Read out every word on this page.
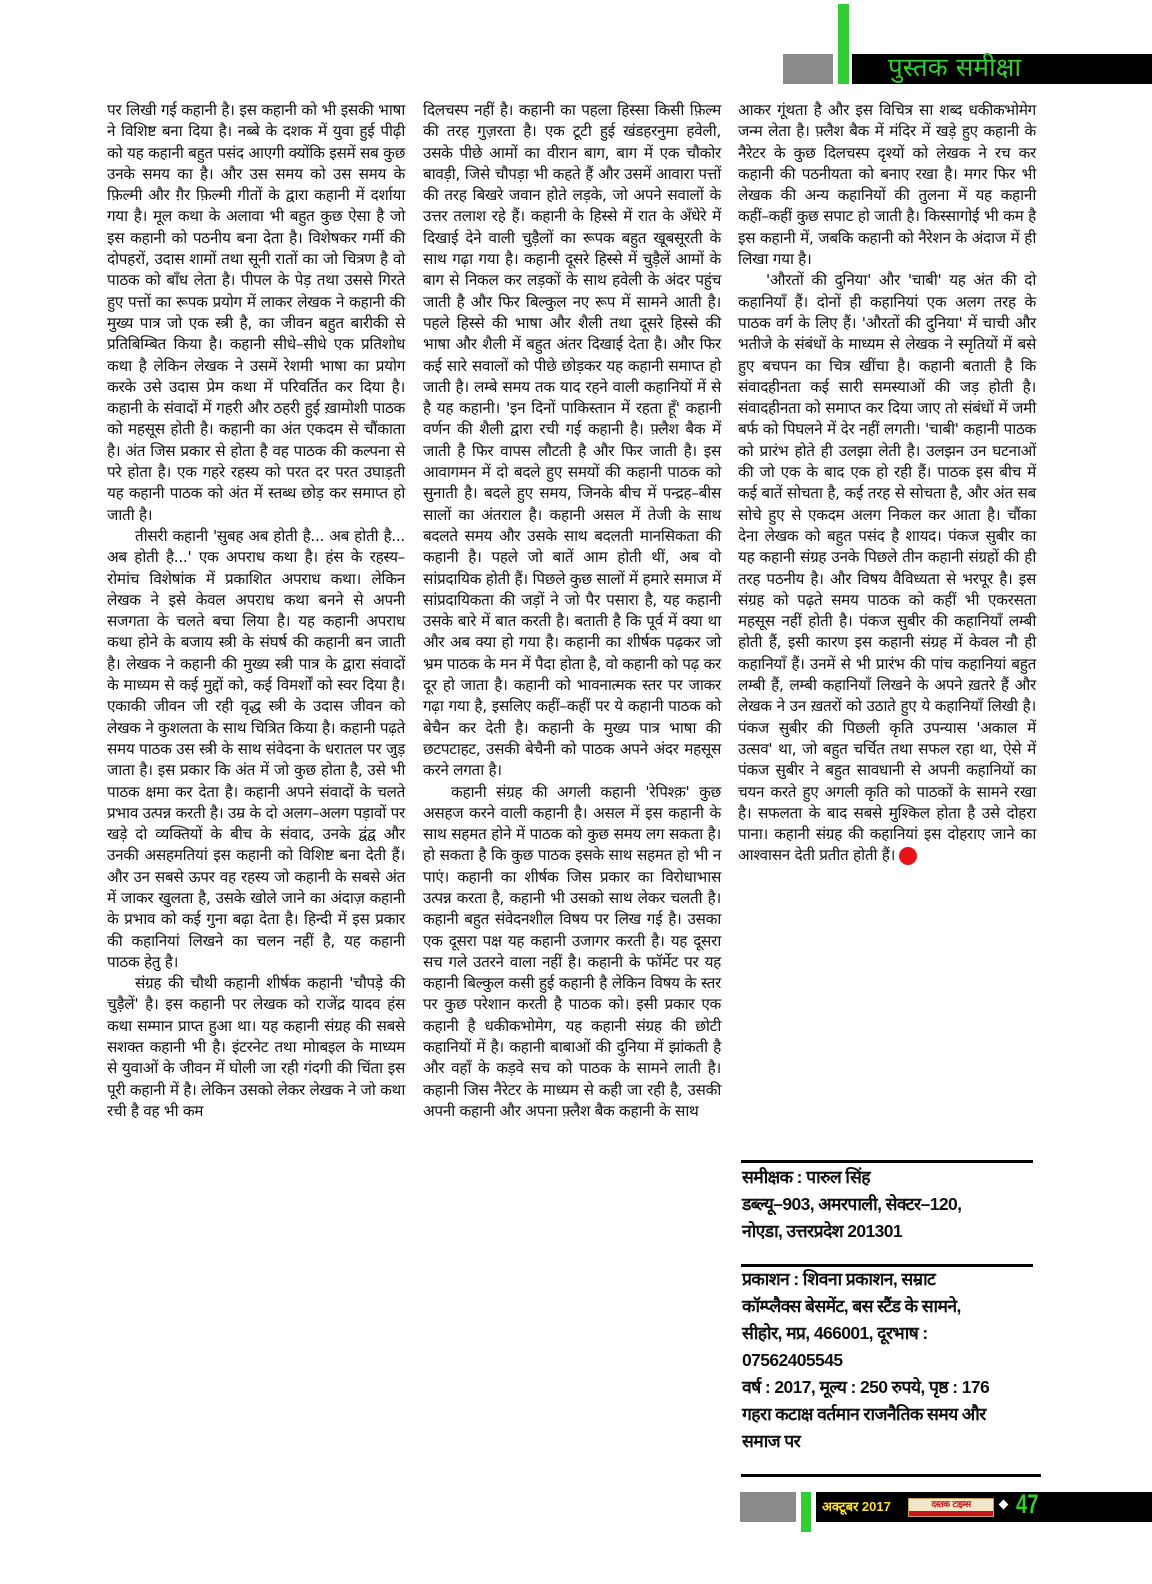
पुस्तक समीक्षा

पर लिखी गई कहानी है। इस कहानी को भी इसकी भाषा ने विशिष्ट बना दिया है। नब्बे के दशक में युवा हुई पीढ़ी को यह कहानी बहुत पसंद आएगी क्योंकि इसमें सब कुछ उनके समय का है। और उस समय को उस समय के फ़िल्मी और ग़ैर फ़िल्मी गीतों के द्वारा कहानी में दर्शाया गया है। मूल कथा के अलावा भी बहुत कुछ ऐसा है जो इस कहानी को पठनीय बना देता है। विशेषकर गर्मी की दोपहरों, उदास शामों तथा सूनी रातों का जो चित्रण है वो पाठक को बाँध लेता है। पीपल के पेड़ तथा उससे गिरते हुए पत्तों का रूपक प्रयोग में लाकर लेखक ने कहानी की मुख्य पात्र जो एक स्त्री है, का जीवन बहुत बारीकी से प्रतिबिम्बित किया है। कहानी सीधे–सीधे एक प्रतिशोध कथा है लेकिन लेखक ने उसमें रेशमी भाषा का प्रयोग करके उसे उदास प्रेम कथा में परिवर्तित कर दिया है। कहानी के संवादों में गहरी और ठहरी हुई ख़ामोशी पाठक को महसूस होती है। कहानी का अंत एकदम से चौंकाता है। अंत जिस प्रकार से होता है वह पाठक की कल्पना से परे होता है। एक गहरे रहस्य को परत दर परत उघाड़ती यह कहानी पाठक को अंत में स्तब्ध छोड़ कर समाप्त हो जाती है।

तीसरी कहानी 'सुबह अब होती है... अब होती है... अब होती है...' एक अपराध कथा है। हंस के रहस्य–रोमांच विशेषांक में प्रकाशित अपराध कथा। लेकिन लेखक ने इसे केवल अपराध कथा बनने से अपनी सजगता के चलते बचा लिया है। यह कहानी अपराध कथा होने के बजाय स्त्री के संघर्ष की कहानी बन जाती है। लेखक ने कहानी की मुख्य स्त्री पात्र के द्वारा संवादों के माध्यम से कई मुद्दों को, कई विमर्शों को स्वर दिया है। एकाकी जीवन जी रही वृद्ध स्त्री के उदास जीवन को लेखक ने कुशलता के साथ चित्रित किया है। कहानी पढ़ते समय पाठक उस स्त्री के साथ संवेदना के धरातल पर जुड़ जाता है। इस प्रकार कि अंत में जो कुछ होता है, उसे भी पाठक क्षमा कर देता है। कहानी अपने संवादों के चलते प्रभाव उत्पन्न करती है। उम्र के दो अलग–अलग पड़ावों पर खड़े दो व्यक्तियों के बीच के संवाद, उनके द्वंद्व और उनकी असहमतियां इस कहानी को विशिष्ट बना देती हैं। और उन सबसे ऊपर वह रहस्य जो कहानी के सबसे अंत में जाकर खुलता है, उसके खोले जाने का अंदाज़ कहानी के प्रभाव को कई गुना बढ़ा देता है। हिन्दी में इस प्रकार की कहानियां लिखने का चलन नहीं है, यह कहानी पाठक हेतु है।

संग्रह की चौथी कहानी शीर्षक कहानी 'चौपड़े की चुड़ैलें' है। इस कहानी पर लेखक को राजेंद्र यादव हंस कथा सम्मान प्राप्त हुआ था। यह कहानी संग्रह की सबसे सशक्त कहानी भी है। इंटरनेट तथा मोाबइल के माध्यम से युवाओं के जीवन में घोली जा रही गंदगी की चिंता इस पूरी कहानी में है। लेकिन उसको लेकर लेखक ने जो कथा रची है वह भी कम

दिलचस्प नहीं है। कहानी का पहला हिस्सा किसी फ़िल्म की तरह गुज़रता है। एक टूटी हुई खंडहरनुमा हवेली, उसके पीछे आमों का वीरान बाग, बाग में एक चौकोर बावड़ी, जिसे चौपड़ा भी कहते हैं और उसमें आवारा पत्तों की तरह बिखरे जवान होते लड़के, जो अपने सवालों के उत्तर तलाश रहे हैं। कहानी के हिस्से में रात के अँधेरे में दिखाई देने वाली चुड़ैलों का रूपक बहुत खूबसूरती के साथ गढ़ा गया है। कहानी दूसरे हिस्से में चुड़ैलें आमों के बाग से निकल कर लड़कों के साथ हवेली के अंदर पहुंच जाती है और फिर बिल्कुल नए रूप में सामने आती है। पहले हिस्से की भाषा और शैली तथा दूसरे हिस्से की भाषा और शैली में बहुत अंतर दिखाई देता है। और फिर कई सारे सवालों को पीछे छोड़कर यह कहानी समाप्त हो जाती है। लम्बे समय तक याद रहने वाली कहानियों में से है यह कहानी। 'इन दिनों पाकिस्तान में रहता हूँ' कहानी वर्णन की शैली द्वारा रची गई कहानी है। फ़्लैश बैक में जाती है फिर वापस लौटती है और फिर जाती है। इस आवागमन में दो बदले हुए समयों की कहानी पाठक को सुनाती है। बदले हुए समय, जिनके बीच में पन्द्रह–बीस सालों का अंतराल है। कहानी असल में तेजी के साथ बदलते समय और उसके साथ बदलती मानसिकता की कहानी है। पहले जो बातें आम होती थीं, अब वो सांप्रदायिक होती हैं। पिछले कुछ सालों में हमारे समाज में सांप्रदायिकता की जड़ों ने जो पैर पसारा है, यह कहानी उसके बारे में बात करती है। बताती है कि पूर्व में क्या था और अब क्या हो गया है। कहानी का शीर्षक पढ़कर जो भ्रम पाठक के मन में पैदा होता है, वो कहानी को पढ़ कर दूर हो जाता है। कहानी को भावनात्मक स्तर पर जाकर गढ़ा गया है, इसलिए कहीं–कहीं पर ये कहानी पाठक को बेचैन कर देती है। कहानी के मुख्य पात्र भाषा की छटपटाहट, उसकी बेचैनी को पाठक अपने अंदर महसूस करने लगता है।

कहानी संग्रह की अगली कहानी 'रेपिश्क़' कुछ असहज करने वाली कहानी है। असल में इस कहानी के साथ सहमत होने में पाठक को कुछ समय लग सकता है। हो सकता है कि कुछ पाठक इसके साथ सहमत हो भी न पाएं। कहानी का शीर्षक जिस प्रकार का विरोधाभास उत्पन्न करता है, कहानी भी उसको साथ लेकर चलती है। कहानी बहुत संवेदनशील विषय पर लिख गई है। उसका एक दूसरा पक्ष यह कहानी उजागर करती है। यह दूसरा सच गले उतरने वाला नहीं है। कहानी के फॉर्मेट पर यह कहानी बिल्कुल कसी हुई कहानी है लेकिन विषय के स्तर पर कुछ परेशान करती है पाठक को। इसी प्रकार एक कहानी है धकीकभोमेग, यह कहानी संग्रह की छोटी कहानियों में है। कहानी बाबाओं की दुनिया में झांकती है और वहाँ के कड़वे सच को पाठक के सामने लाती है। कहानी जिस नैरेटर के माध्यम से कही जा रही है, उसकी अपनी कहानी और अपना फ़्लैश बैक कहानी के साथ

आकर गूंथता है और इस विचित्र सा शब्द धकीकभोमेग जन्म लेता है। फ़्लैश बैक में मंदिर में खड़े हुए कहानी के नैरेटर के कुछ दिलचस्प दृश्यों को लेखक ने रच कर कहानी की पठनीयता को बनाए रखा है। मगर फिर भी लेखक की अन्य कहानियों की तुलना में यह कहानी कहीं–कहीं कुछ सपाट हो जाती है। किस्सागोई भी कम है इस कहानी में, जबकि कहानी को नैरेशन के अंदाज में ही लिखा गया है।

'औरतों की दुनिया' और 'चाबी' यह अंत की दो कहानियाँ हैं। दोनों ही कहानियां एक अलग तरह के पाठक वर्ग के लिए हैं। 'औरतों की दुनिया' में चाची और भतीजे के संबंधों के माध्यम से लेखक ने स्मृतियों में बसे हुए बचपन का चित्र खींचा है। कहानी बताती है कि संवादहीनता कई सारी समस्याओं की जड़ होती है। संवादहीनता को समाप्त कर दिया जाए तो संबंधों में जमी बर्फ को पिघलने में देर नहीं लगती। 'चाबी' कहानी पाठक को प्रारंभ होते ही उलझा लेती है। उलझन उन घटनाओं की जो एक के बाद एक हो रही हैं। पाठक इस बीच में कई बातें सोचता है, कई तरह से सोचता है, और अंत सब सोचे हुए से एकदम अलग निकल कर आता है। चौंका देना लेखक को बहुत पसंद है शायद। पंकज सुबीर का यह कहानी संग्रह उनके पिछले तीन कहानी संग्रहों की ही तरह पठनीय है। और विषय वैविध्यता से भरपूर है। इस संग्रह को पढ़ते समय पाठक को कहीं भी एकरसता महसूस नहीं होती है। पंकज सुबीर की कहानियाँ लम्बी होती हैं, इसी कारण इस कहानी संग्रह में केवल नौ ही कहानियाँ हैं। उनमें से भी प्रारंभ की पांच कहानियां बहुत लम्बी हैं, लम्बी कहानियाँ लिखने के अपने ख़तरे हैं और लेखक ने उन ख़तरों को उठाते हुए ये कहानियाँ लिखी है। पंकज सुबीर की पिछली कृति उपन्यास 'अकाल में उत्सव' था, जो बहुत चर्चित तथा सफल रहा था, ऐसे में पंकज सुबीर ने बहुत सावधानी से अपनी कहानियों का चयन करते हुए अगली कृति को पाठकों के सामने रखा है। सफलता के बाद सबसे मुश्किल होता है उसे दोहरा पाना। कहानी संग्रह की कहानियां इस दोहराए जाने का आश्वासन देती प्रतीत होती हैं।

समीक्षक : पारुल सिंह
डब्ल्यू–903, अमरपाली, सेक्टर–120,
नोएडा, उत्तरप्रदेश 201301
प्रकाशन : शिवना प्रकाशन, सम्राट
कॉम्प्लैक्स बेसमेंट, बस स्टैंड के सामने,
सीहोर, मप्र, 466001, दूरभाष :
07562405545
वर्ष : 2017, मूल्य : 250 रुपये, पृष्ठ : 176
गहरा कटाक्ष वर्तमान राजनैतिक समय और
समाज पर
अक्टूबर 2017	दस्तक टाइम्स	47
